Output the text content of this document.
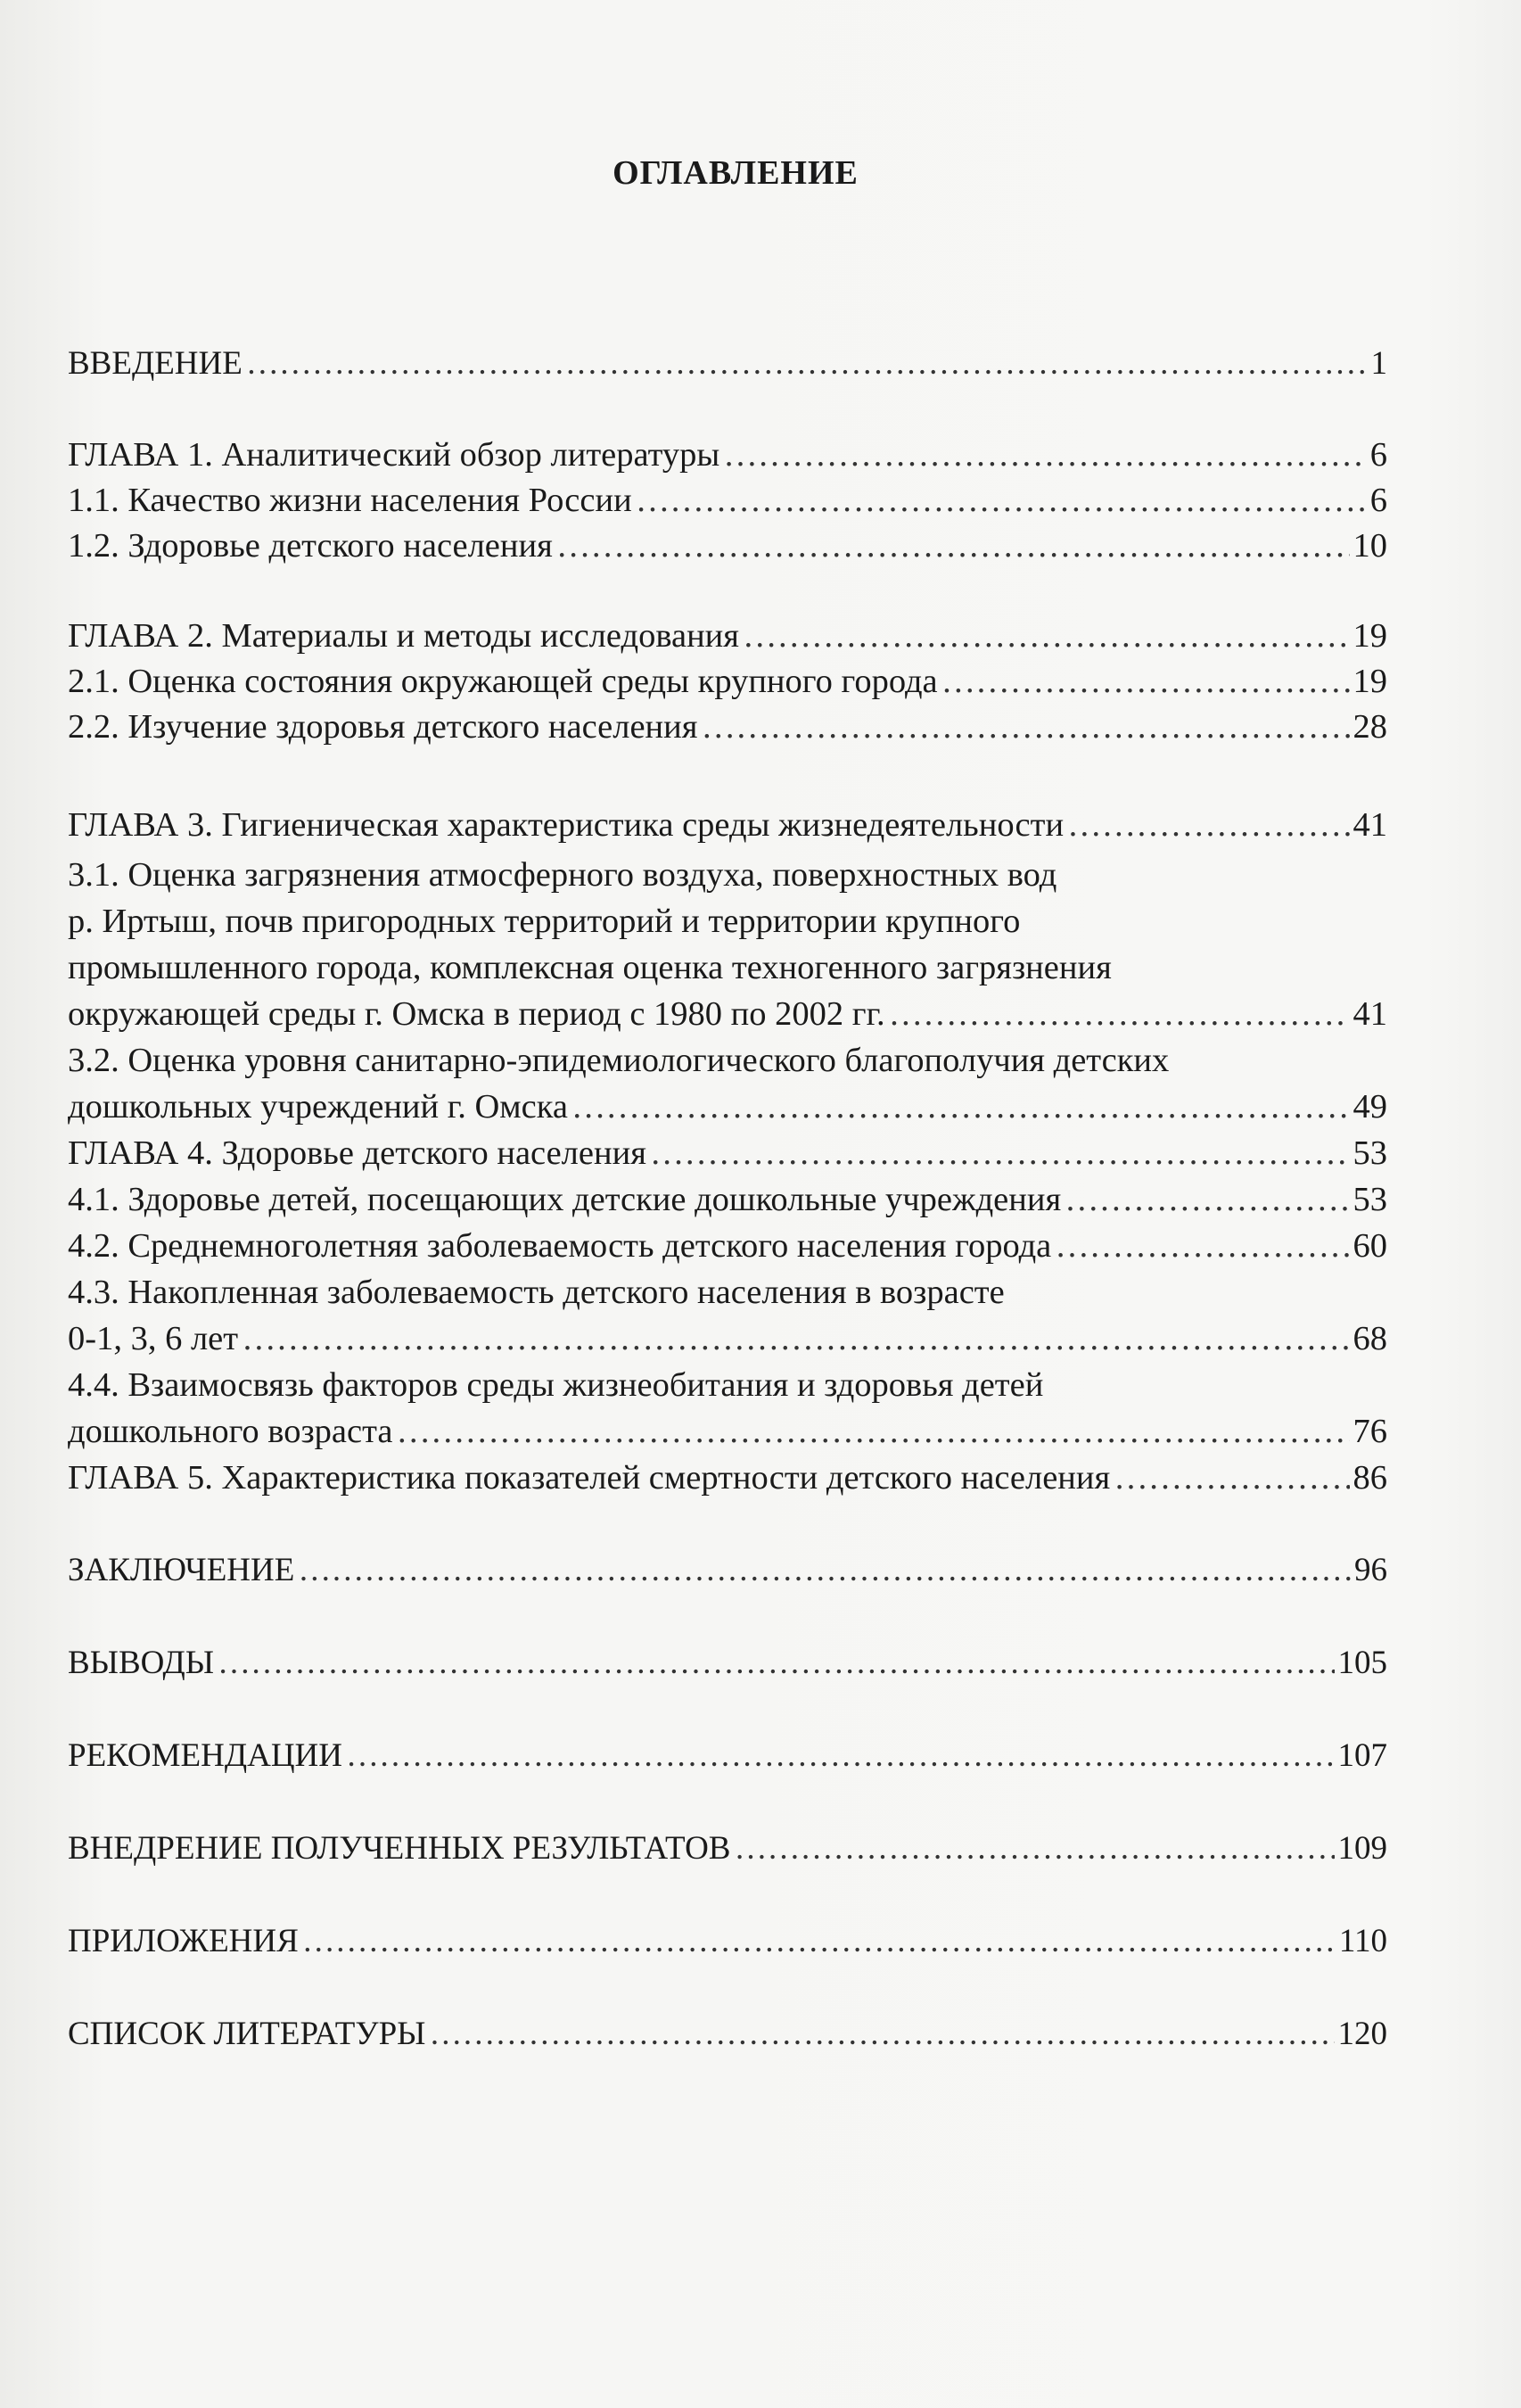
ОГЛАВЛЕНИЕ
ВВЕДЕНИЕ ……………………………………………………………………………………………………………………………………………………………………………………………………………………………………………	1
ГЛАВА 1. Аналитический обзор литературы ……………………………………………………………………………………………………………………………………………………………………………………………………………………………………………	6
1.1. Качество жизни населения России ……………………………………………………………………………………………………………………………………………………………………………………………………………………………………………	6
1.2. Здоровье детского населения ……………………………………………………………………………………………………………………………………………………………………………………………………………………………………………	10
ГЛАВА 2. Материалы и методы исследования ……………………………………………………………………………………………………………………………………………………………………………………………………………………………………………	19
2.1. Оценка состояния окружающей среды крупного города ……………………………………………………………………………………………………………………………………………………………………………………………………………………………………………	19
2.2. Изучение здоровья детского населения ……………………………………………………………………………………………………………………………………………………………………………………………………………………………………………	28
ГЛАВА 3. Гигиеническая характеристика среды жизнедеятельности ……………………………………………………………………………………………………………………………………………………………………………………………………………………………………………	41
3.1. Оценка загрязнения атмосферного воздуха, поверхностных вод
р. Иртыш, почв пригородных территорий и территории крупного
промышленного города, комплексная оценка техногенного загрязнения
окружающей среды г. Омска в период с 1980 по 2002 гг. ……………………………………………………………………………………………………………………………………………………………………………………………………………………………………………	41
3.2. Оценка уровня санитарно-эпидемиологического благополучия детских
дошкольных учреждений г. Омска ……………………………………………………………………………………………………………………………………………………………………………………………………………………………………………	49
ГЛАВА 4. Здоровье детского населения ……………………………………………………………………………………………………………………………………………………………………………………………………………………………………………	53
4.1. Здоровье детей, посещающих детские дошкольные учреждения ……………………………………………………………………………………………………………………………………………………………………………………………………………………………………………	53
4.2. Среднемноголетняя заболеваемость детского населения города ……………………………………………………………………………………………………………………………………………………………………………………………………………………………………………	60
4.3. Накопленная заболеваемость детского населения в возрасте
0-1, 3, 6 лет ……………………………………………………………………………………………………………………………………………………………………………………………………………………………………………	68
4.4. Взаимосвязь факторов среды жизнеобитания и здоровья детей
дошкольного возраста ……………………………………………………………………………………………………………………………………………………………………………………………………………………………………………	76
ГЛАВА 5. Характеристика показателей смертности детского населения ……………………………………………………………………………………………………………………………………………………………………………………………………………………………………………	86
ЗАКЛЮЧЕНИЕ ……………………………………………………………………………………………………………………………………………………………………………………………………………………………………………	96
ВЫВОДЫ ……………………………………………………………………………………………………………………………………………………………………………………………………………………………………………	105
РЕКОМЕНДАЦИИ ……………………………………………………………………………………………………………………………………………………………………………………………………………………………………………	107
ВНЕДРЕНИЕ ПОЛУЧЕННЫХ РЕЗУЛЬТАТОВ ……………………………………………………………………………………………………………………………………………………………………………………………………………………………………………	109
ПРИЛОЖЕНИЯ ……………………………………………………………………………………………………………………………………………………………………………………………………………………………………………	110
СПИСОК ЛИТЕРАТУРЫ ……………………………………………………………………………………………………………………………………………………………………………………………………………………………………………	120
